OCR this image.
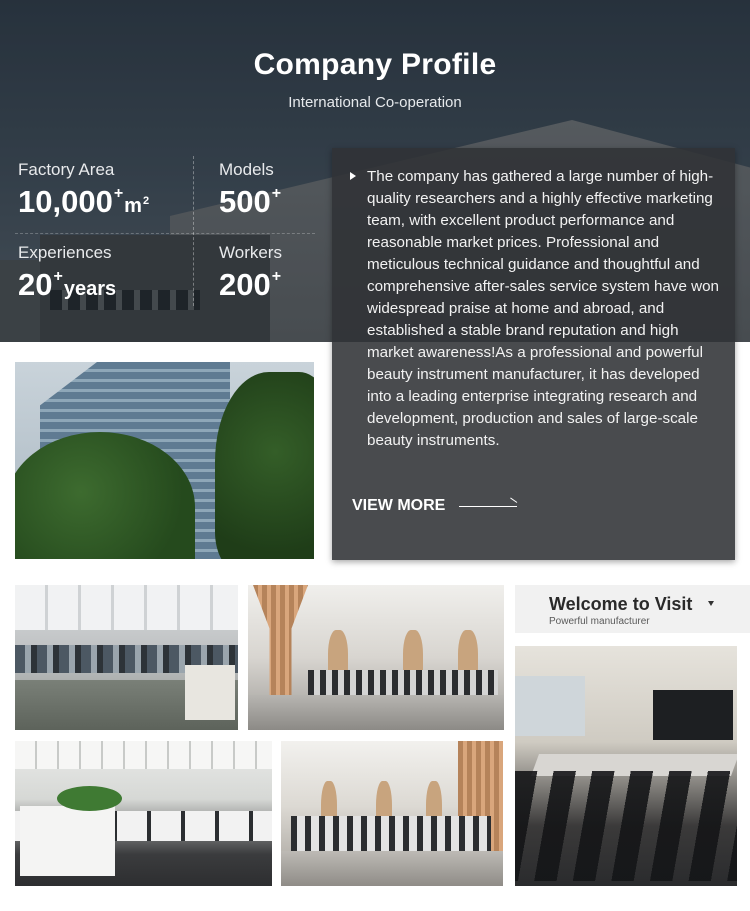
Company Profile
International Co-operation
Factory Area
$10,000^+m^2$
Models
500+
Experiences
20+years
Workers
200+

The company has gathered a large number of high-quality researchers and a highly effective marketing team, with excellent product performance and reasonable market prices. Professional and meticulous technical guidance and thoughtful and comprehensive after-sales service system have won widespread praise at home and abroad, and established a stable brand reputation and high market awareness!As a professional and powerful beauty instrument manufacturer, it has developed into a leading enterprise integrating research and development, production and sales of large-scale beauty instruments.

VIEW MORE
Welcome to Visit
Powerful manufacturer
